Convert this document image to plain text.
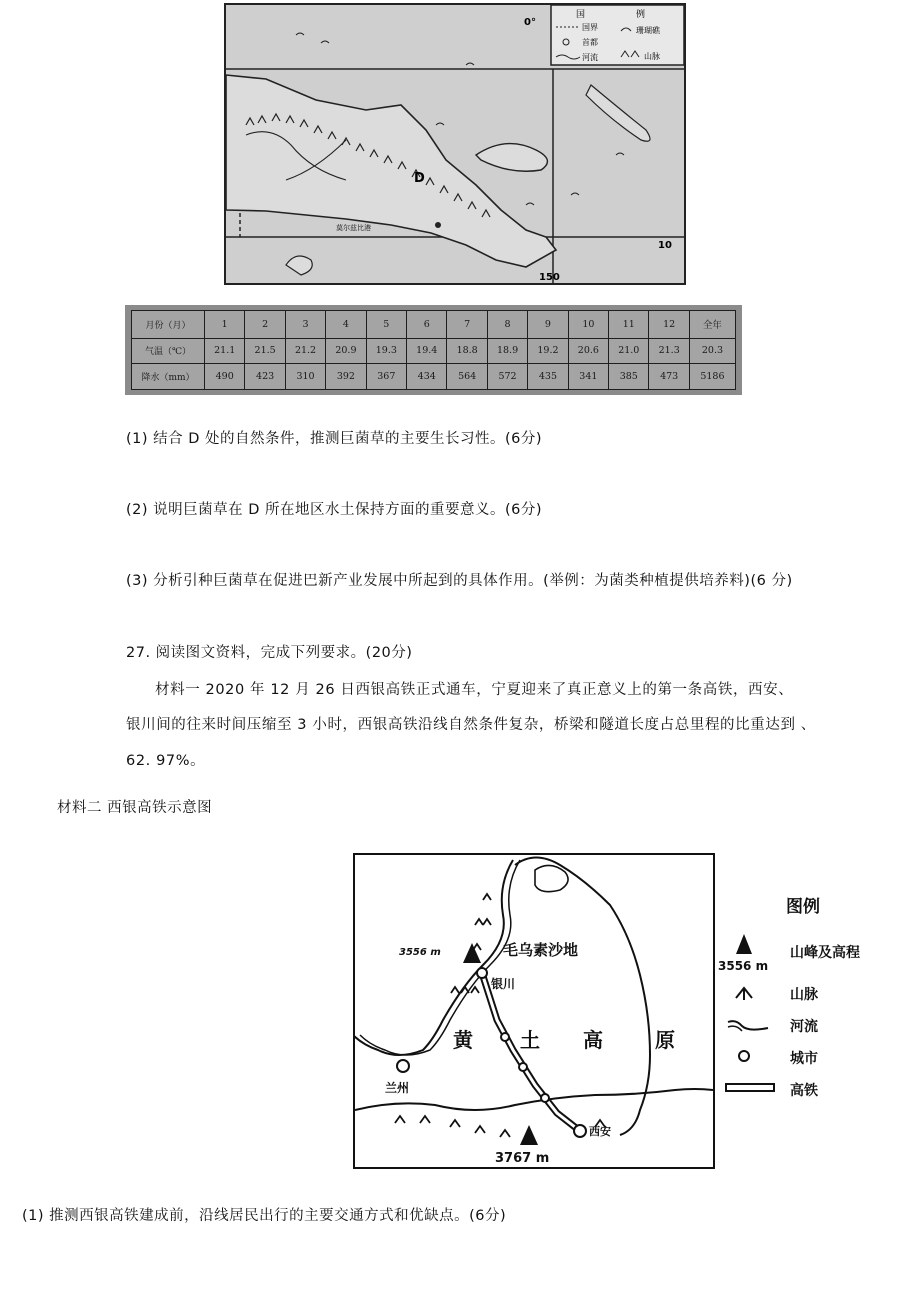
国	例
国界
首都
河流
珊瑚礁
山脉
0°
10
150
D
莫尔兹比港
月份（月）	1	2	3	4	5	6	7	8	9	10	11	12	全年
气温（℃）	21.1	21.5	21.2	20.9	19.3	19.4	18.8	18.9	19.2	20.6	21.0	21.3	20.3
降水（mm）	490	423	310	392	367	434	564	572	435	341	385	473	5186
(1) 结合 D 处的自然条件，推测巨菌草的主要生长习性。(6分)
(2) 说明巨菌草在 D 所在地区水土保持方面的重要意义。(6分)
(3) 分析引种巨菌草在促进巴新产业发展中所起到的具体作用。(举例：为菌类种植提供培养料)(6 分)
27. 阅读图文资料，完成下列要求。(20分)
材料一 2020 年 12 月 26 日西银高铁正式通车，宁夏迎来了真正意义上的第一条高铁，西安、
银川间的往来时间压缩至 3 小时，西银高铁沿线自然条件复杂，桥梁和隧道长度占总里程的比重达到 、
62. 97%。
材料二 西银高铁示意图
毛乌素沙地
黄 土 高	原
银川
兰州
西安
3556 m
3767 m
图例
3556 m
山峰及高程
山脉
河流
城市
高铁
(1) 推测西银高铁建成前，沿线居民出行的主要交通方式和优缺点。(6分)
